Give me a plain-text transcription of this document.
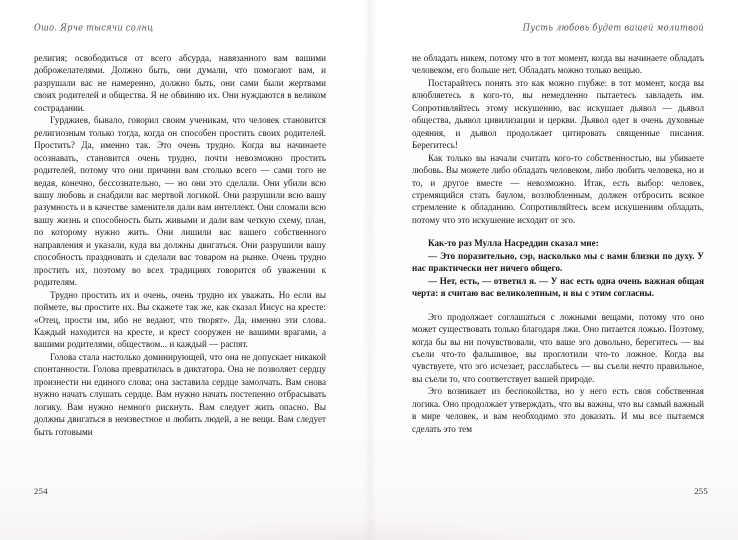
Ошо. Ярче тысячи солнц

религия; освободиться от всего абсурда, навязанного вам вашими доброжелателями. Должно быть, они думали, что помогают вам, и разрушали вас не намеренно, должно быть, они сами были жертвами своих родителей и общества. Я не обвиняю их. Они нуждаются в великом сострадании.

Гурджиев, бывало, говорил своим ученикам, что человек становится религиозным только тогда, когда он способен простить своих родителей. Простить? Да, именно так. Это очень трудно. Когда вы начинаете осознавать, становится очень трудно, почти невозможно простить родителей, потому что они причини вам столько всего — сами того не ведая, конечно, бессознательно, — но они это сделали. Они убили всю вашу любовь и снабдили вас мертвой логикой. Они разрушили всю вашу разумность и в качестве заменителя дали вам интеллект. Они сломали всю вашу жизнь и способность быть живыми и дали вам четкую схему, план, по которому нужно жить. Они лишили вас вашего собственного направления и указали, куда вы должны двигаться. Они разрушили вашу способность праздновать и сделали вас товаром на рынке. Очень трудно простить их, поэтому во всех традициях говорится об уважении к родителям.

Трудно простить их и очень, очень трудно их уважать. Но если вы поймете, вы простите их. Вы скажете так же, как сказал Иисус на кресте: «Отец, прости им, ибо не ведают, что творят». Да, именно эти слова. Каждый находится на кресте, и крест сооружен не вашими врагами, а вашими родителями, обществом... и каждый — распят.

Голова стала настолько доминирующей, что она не допускает никакой спонтанности. Голова превратилась в диктатора. Она не позволяет сердцу произнести ни единого слова; она заставила сердце замолчать. Вам снова нужно начать слушать сердце. Вам нужно начать постепенно отбрасывать логику. Вам нужно немного рискнуть. Вам следует жить опасно. Вы должны двигаться в неизвестное и любить людей, а не вещи. Вам следует быть готовыми

254
Пусть любовь будет вашей молитвой

не обладать никем, потому что в тот момент, когда вы начинаете обладать человеком, его больше нет. Обладать можно только вещью.

Постарайтесь понять это как можно глубже: в тот момент, когда вы влюбляетесь в кого-то, вы немедленно пытаетесь завладеть им. Сопротивляйтесь этому искушению, вас искушает дьявол — дьявол общества, дьявол цивилизации и церкви. Дьявол одет в очень духовные одеяния, и дьявол продолжает цитировать священные писания. Берегитесь!

Как только вы начали считать кого-то собственностью, вы убиваете любовь. Вы можете либо обладать человеком, либо любить человека, но и то, и другое вместе — невозможно. Итак, есть выбор: человек, стремящийся стать баулом, возлюбленным, должен отбросить всякое стремление к обладанию. Сопротивляйтесь всем искушениям обладать, потому что это искушение исходит от эго.

Как-то раз Мулла Насреддин сказал мне:

— Это поразительно, сэр, насколько мы с вами близки по духу. У нас практически нет ничего общего.

— Нет, есть, — ответил я. — У нас есть одна очень важная общая черта: я считаю вас великолепным, и вы с этим согласны.

Эго продолжает соглашаться с ложными вещами, потому что оно может существовать только благодаря лжи. Оно питается ложью. Поэтому, когда бы вы ни почувствовали, что ваше эго довольно, берегитесь — вы съели что-то фальшивое, вы проглотили что-то ложное. Когда вы чувствуете, что эго исчезает, расслабьтесь — вы съели нечто правильное, вы съели то, что соответствует вашей природе.

Эго возникает из беспокойства, но у него есть своя собственная логика. Оно продолжает утверждать, что вы важны, что вы самый важный в мире человек, и вам необходимо это доказать. И мы все пытаемся сделать это тем

255
